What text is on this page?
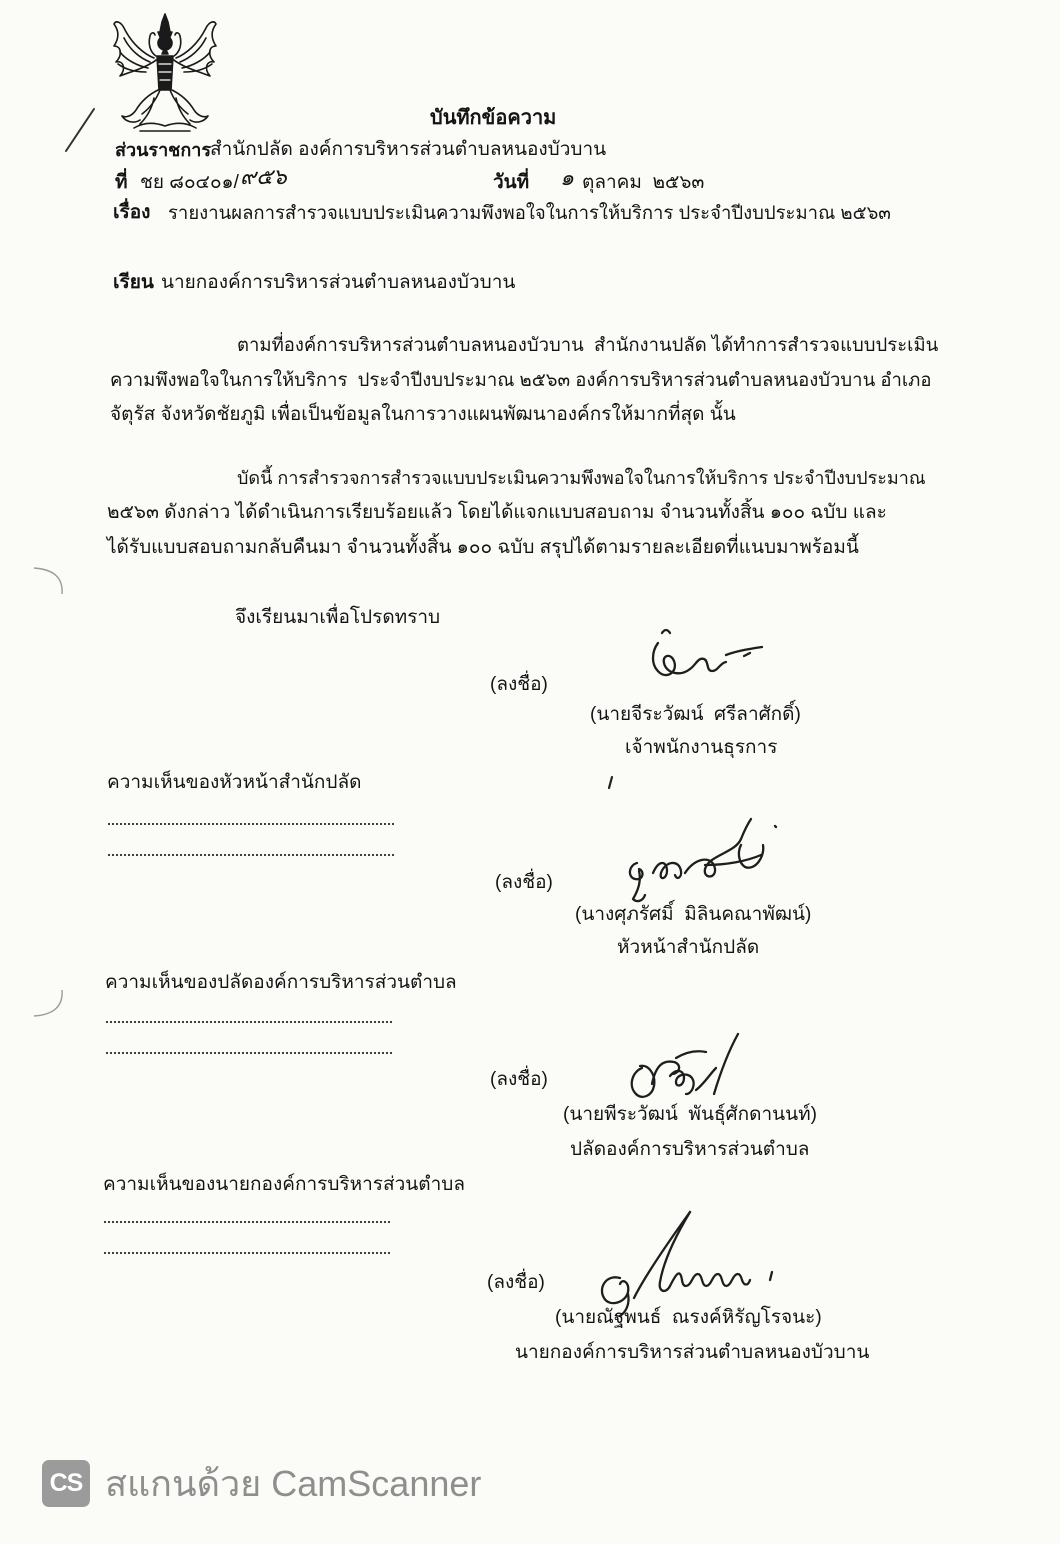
บันทึกข้อความ
ส่วนราชการ
สำนักปลัด องค์การบริหารส่วนตำบลหนองบัวบาน
ที่ ชย ๘๐๔๐๑/ ๙๕๖	วันที่	๑ ตุลาคม  ๒๕๖๓
เรื่อง รายงานผลการสำรวจแบบประเมินความพึงพอใจในการให้บริการ ประจำปีงบประมาณ ๒๕๖๓
เรียน นายกองค์การบริหารส่วนตำบลหนองบัวบาน
ตามที่องค์การบริหารส่วนตำบลหนองบัวบาน  สำนักงานปลัด ได้ทำการสำรวจแบบประเมิน
ความพึงพอใจในการให้บริการ  ประจำปีงบประมาณ ๒๕๖๓ องค์การบริหารส่วนตำบลหนองบัวบาน อำเภอ
จัตุรัส จังหวัดชัยภูมิ เพื่อเป็นข้อมูลในการวางแผนพัฒนาองค์กรให้มากที่สุด นั้น
บัดนี้ การสำรวจการสำรวจแบบประเมินความพึงพอใจในการให้บริการ ประจำปีงบประมาณ
๒๕๖๓ ดังกล่าว ได้ดำเนินการเรียบร้อยแล้ว โดยได้แจกแบบสอบถาม จำนวนทั้งสิ้น ๑๐๐ ฉบับ และ
ได้รับแบบสอบถามกลับคืนมา จำนวนทั้งสิ้น ๑๐๐ ฉบับ สรุปได้ตามรายละเอียดที่แนบมาพร้อมนี้
จึงเรียนมาเพื่อโปรดทราบ
(ลงชื่อ)
(นายจีระวัฒน์  ศรีลาศักดิ์)
เจ้าพนักงานธุรการ
ความเห็นของหัวหน้าสำนักปลัด
(ลงชื่อ)
(นางศุภรัศมิ์  มิลินคณาพัฒน์)
หัวหน้าสำนักปลัด
ความเห็นของปลัดองค์การบริหารส่วนตำบล
(ลงชื่อ)
(นายพีระวัฒน์  พันธุ์ศักดานนท์)
ปลัดองค์การบริหารส่วนตำบล
ความเห็นของนายกองค์การบริหารส่วนตำบล
(ลงชื่อ)
(นายณัฐพนธ์  ณรงค์หิรัญโรจนะ)
นายกองค์การบริหารส่วนตำบลหนองบัวบาน
CS สแกนด้วย CamScanner
